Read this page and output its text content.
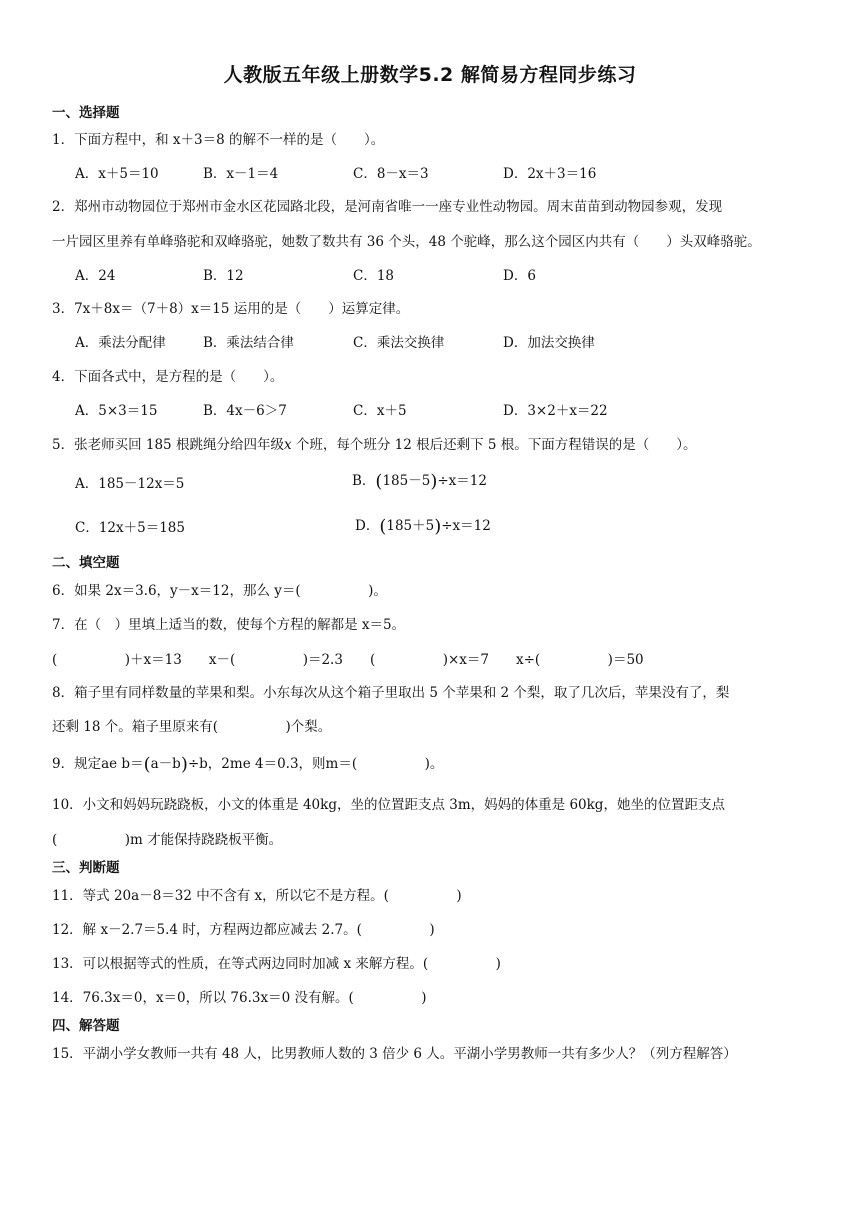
人教版五年级上册数学5.2 解简易方程同步练习
一、选择题
1．下面方程中，和 x＋3＝8 的解不一样的是（　　）。
A．x＋5＝10	B．x－1＝4	C．8－x＝3	D．2x＋3＝16
2．郑州市动物园位于郑州市金水区花园路北段，是河南省唯一一座专业性动物园。周末苗苗到动物园参观，发现
一片园区里养有单峰骆驼和双峰骆驼，她数了数共有 36 个头，48 个驼峰，那么这个园区内共有（　　）头双峰骆驼。
A．24	B．12	C．18	D．6
3．7x＋8x＝（7＋8）x＝15 运用的是（　　）运算定律。
A．乘法分配律	B．乘法结合律	C．乘法交换律	D．加法交换律
4．下面各式中，是方程的是（　　）。
A．5×3＝15	B．4x－6＞7	C．x＋5	D．3×2＋x＝22
5．张老师买回 185 根跳绳分给四年级x 个班，每个班分 12 根后还剩下 5 根。下面方程错误的是（　　）。
A．185－12x＝5	B．(185－5)÷x＝12
C．12x＋5＝185	D．(185＋5)÷x＝12
二、填空题
6．如果 2x＝3.6，y－x＝12，那么 y＝(　　　　　)。
7．在（　）里填上适当的数，使每个方程的解都是 x＝5。
(　　　　　)＋x＝13　　x－(　　　　　)＝2.3　　(　　　　　)×x＝7　　x÷(　　　　　)＝50
8．箱子里有同样数量的苹果和梨。小东每次从这个箱子里取出 5 个苹果和 2 个梨，取了几次后，苹果没有了，梨
还剩 18 个。箱子里原来有(　　　　　)个梨。
9．规定ae b＝(a－b)÷b，2me 4＝0.3，则m＝(　　　　　)。
10．小文和妈妈玩跷跷板，小文的体重是 40kg，坐的位置距支点 3m，妈妈的体重是 60kg，她坐的位置距支点
(　　　　　)m 才能保持跷跷板平衡。
三、判断题
11．等式 20a－8＝32 中不含有 x，所以它不是方程。(　　　　　)
12．解 x－2.7＝5.4 时，方程两边都应减去 2.7。(　　　　　)
13．可以根据等式的性质，在等式两边同时加减 x 来解方程。(　　　　　)
14．76.3x＝0，x＝0，所以 76.3x＝0 没有解。(　　　　　)
四、解答题
15．平湖小学女教师一共有 48 人，比男教师人数的 3 倍少 6 人。平湖小学男教师一共有多少人？（列方程解答）
